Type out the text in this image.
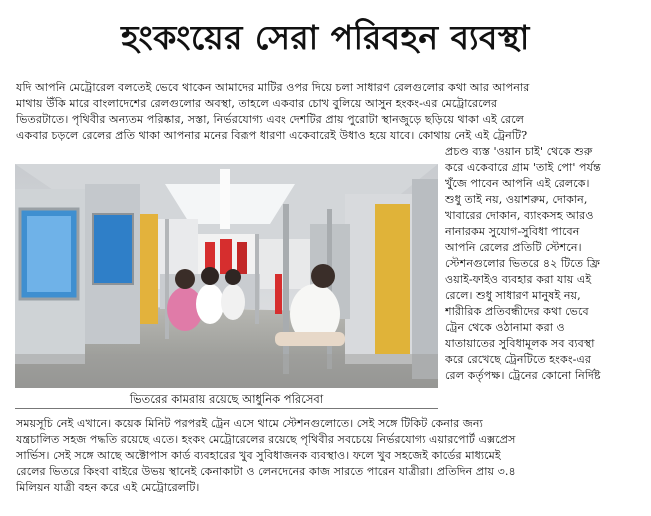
হংকংয়ের সেরা পরিবহন ব্যবস্থা
যদি আপনি মেট্রোরেল বলতেই ভেবে থাকেন আমাদের মাটির ওপর দিয়ে চলা সাধারণ রেলগুলোর কথা আর আপনার
মাথায় উঁকি মারে বাংলাদেশের রেলগুলোর অবস্থা, তাহলে একবার চোখ বুলিয়ে আসুন হংকং-এর মেট্রোরেলের
ভিতরটাতে। পৃথিবীর অন্যতম পরিষ্কার, সস্তা, নির্ভরযোগ্য এবং দেশটির প্রায় পুরোটা স্থানজুড়ে ছড়িয়ে থাকা এই রেলে
একবার চড়লে রেলের প্রতি থাকা আপনার মনের বিরূপ ধারণা একেবারেই উধাও হয়ে যাবে। কোথায় নেই এই ট্রেনটি?
ভিতরের কামরায় রয়েছে আধুনিক পরিসেবা
প্রচণ্ড ব্যস্ত 'ওয়ান চাই' থেকে শুরু
করে একেবারে গ্রাম 'তাই পো' পর্যন্ত
খুঁজে পাবেন আপনি এই রেলকে।
শুধু তাই নয়, ওয়াশরুম, দোকান,
খাবারের দোকান, ব্যাংকসহ আরও
নানারকম সুযোগ-সুবিধা পাবেন
আপনি রেলের প্রতিটি স্টেশনে।
স্টেশনগুলোর ভিতরে ৪২ টিতে ফ্রি
ওয়াই-ফাইও ব্যবহার করা যায় এই
রেলে। শুধু সাধারণ মানুষই নয়,
শারীরিক প্রতিবন্ধীদের কথা ভেবে
ট্রেন থেকে ওঠানামা করা ও
যাতায়াতের সুবিধামূলক সব ব্যবস্থা
করে রেখেছে ট্রেনটিতে হংকং-এর
রেল কর্তৃপক্ষ। ট্রেনের কোনো নির্দিষ্ট
সময়সূচি নেই এখানে। কয়েক মিনিট পরপরই ট্রেন এসে থামে স্টেশনগুলোতে। সেই সঙ্গে টিকিট কেনার জন্য
যন্ত্রচালিত সহজ পদ্ধতি রয়েছে এতে। হংকং মেট্রোরেলের রয়েছে পৃথিবীর সবচেয়ে নির্ভরযোগ্য এয়ারপোর্ট এক্সপ্রেস
সার্ভিস। সেই সঙ্গে আছে অক্টোপাস কার্ড ব্যবহারের খুব সুবিধাজনক ব্যবস্থাও। ফলে খুব সহজেই কার্ডের মাধ্যমেই
রেলের ভিতরে কিংবা বাইরে উভয় স্থানেই কেনাকাটা ও লেনদেনের কাজ সারতে পারেন যাত্রীরা। প্রতিদিন প্রায় ৩.৪
মিলিয়ন যাত্রী বহন করে এই মেট্রোরেলটি।
